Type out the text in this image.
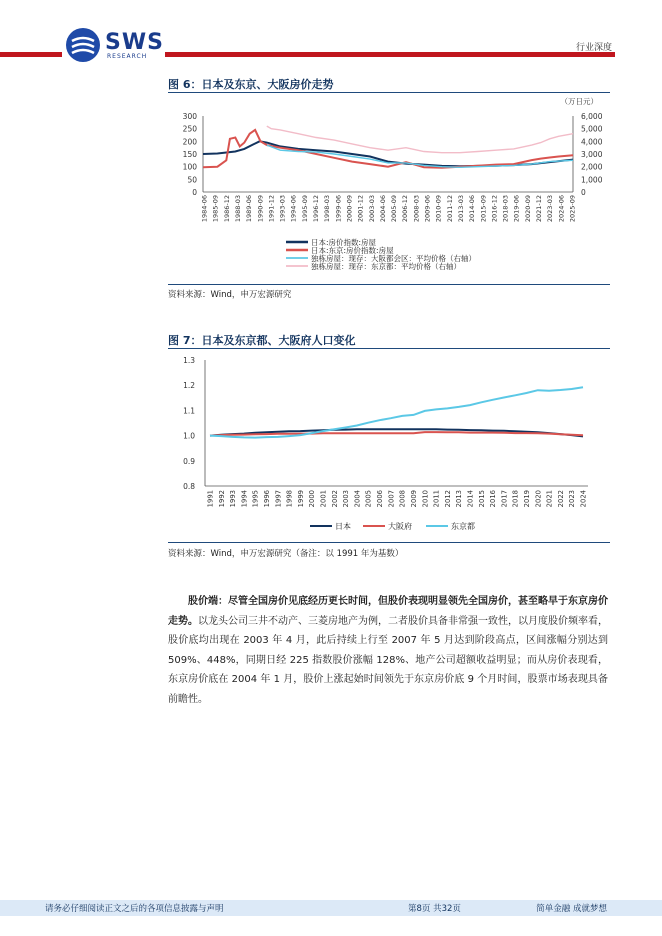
SWS
RESEARCH
行业深度
图 6：日本及东京、大阪房价走势
（万日元）
300
250
200
150
100
50
0
6,000
5,000
4,000
3,000
2,000
1,000
0
1984-06 1985-09 1986-12 1988-03 1989-06 1990-09 1991-12 1993-03 1994-06 1995-09 1996-12 1998-03 1999-06 2000-09 2001-12 2003-03 2004-06 2005-09 2006-12 2008-03 2009-06 2010-09 2011-12 2013-03 2014-06 2015-09 2016-12 2018-03 2019-06 2020-09 2021-12 2023-03 2024-06 2025-09
日本:房价指数:房屋
日本:东京:房价指数:房屋
独栋房屋：现存：大阪都会区：平均价格（右轴）
独栋房屋：现存：东京都：平均价格（右轴）
资料来源：Wind，申万宏源研究
图 7：日本及东京都、大阪府人口变化
1.3
1.2
1.1
1.0
0.9
0.8
1991 1992 1993 1994 1995 1996 1997 1998 1999 2000 2001 2002 2003 2004 2005 2006 2007 2008 2009 2010 2011 2012 2013 2014 2015 2016 2017 2018 2019 2020 2021 2022 2023 2024
日本	大阪府	东京都
资料来源：Wind，申万宏源研究（备注：以 1991 年为基数）
股价端：尽管全国房价见底经历更长时间，但股价表现明显领先全国房价，甚至略早于东京房价走势。以龙头公司三井不动产、三菱房地产为例，二者股价具备非常强一致性，以月度股价频率看，股价底均出现在 2003 年 4 月，此后持续上行至 2007 年 5 月达到阶段高点，区间涨幅分别达到 509%、448%，同期日经 225 指数股价涨幅 128%、地产公司超额收益明显；而从房价表现看，东京房价底在 2004 年 1 月，股价上涨起始时间领先于东京房价底 9 个月时间，股票市场表现具备前瞻性。
请务必仔细阅读正文之后的各项信息披露与声明	第8页 共32页	简单金融 成就梦想
